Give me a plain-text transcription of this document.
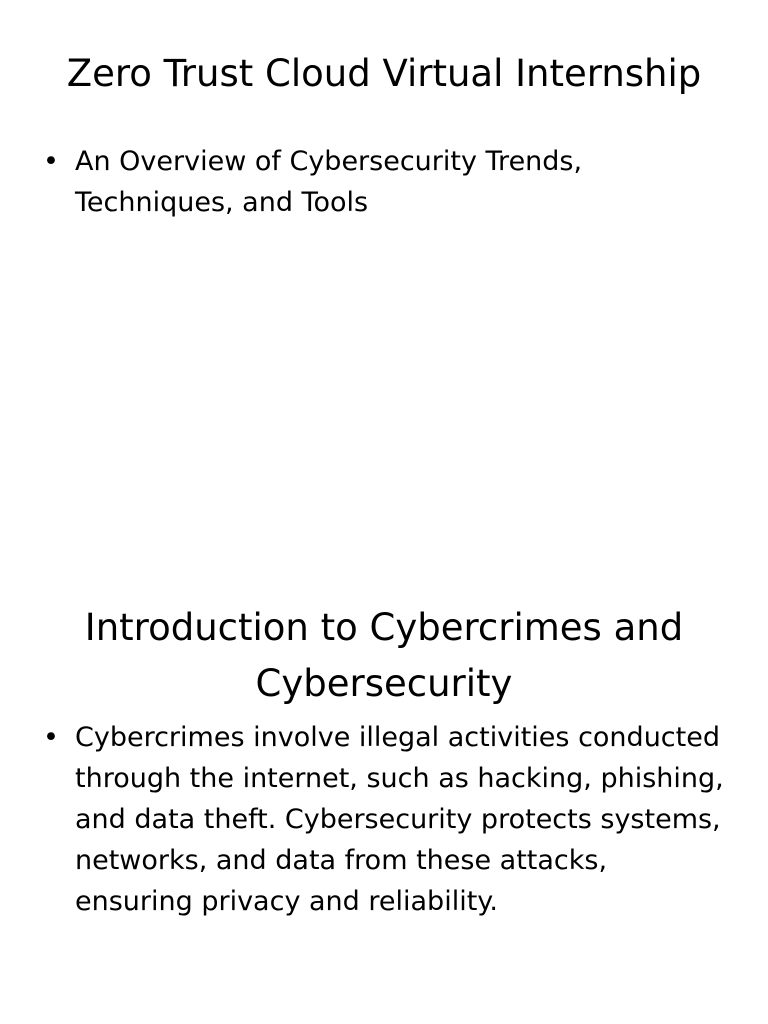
Zero Trust Cloud Virtual Internship
• An Overview of Cybersecurity Trends, Techniques, and Tools
Introduction to Cybercrimes and Cybersecurity
• Cybercrimes involve illegal activities conducted through the internet, such as hacking, phishing, and data theft. Cybersecurity protects systems, networks, and data from these attacks, ensuring privacy and reliability.
